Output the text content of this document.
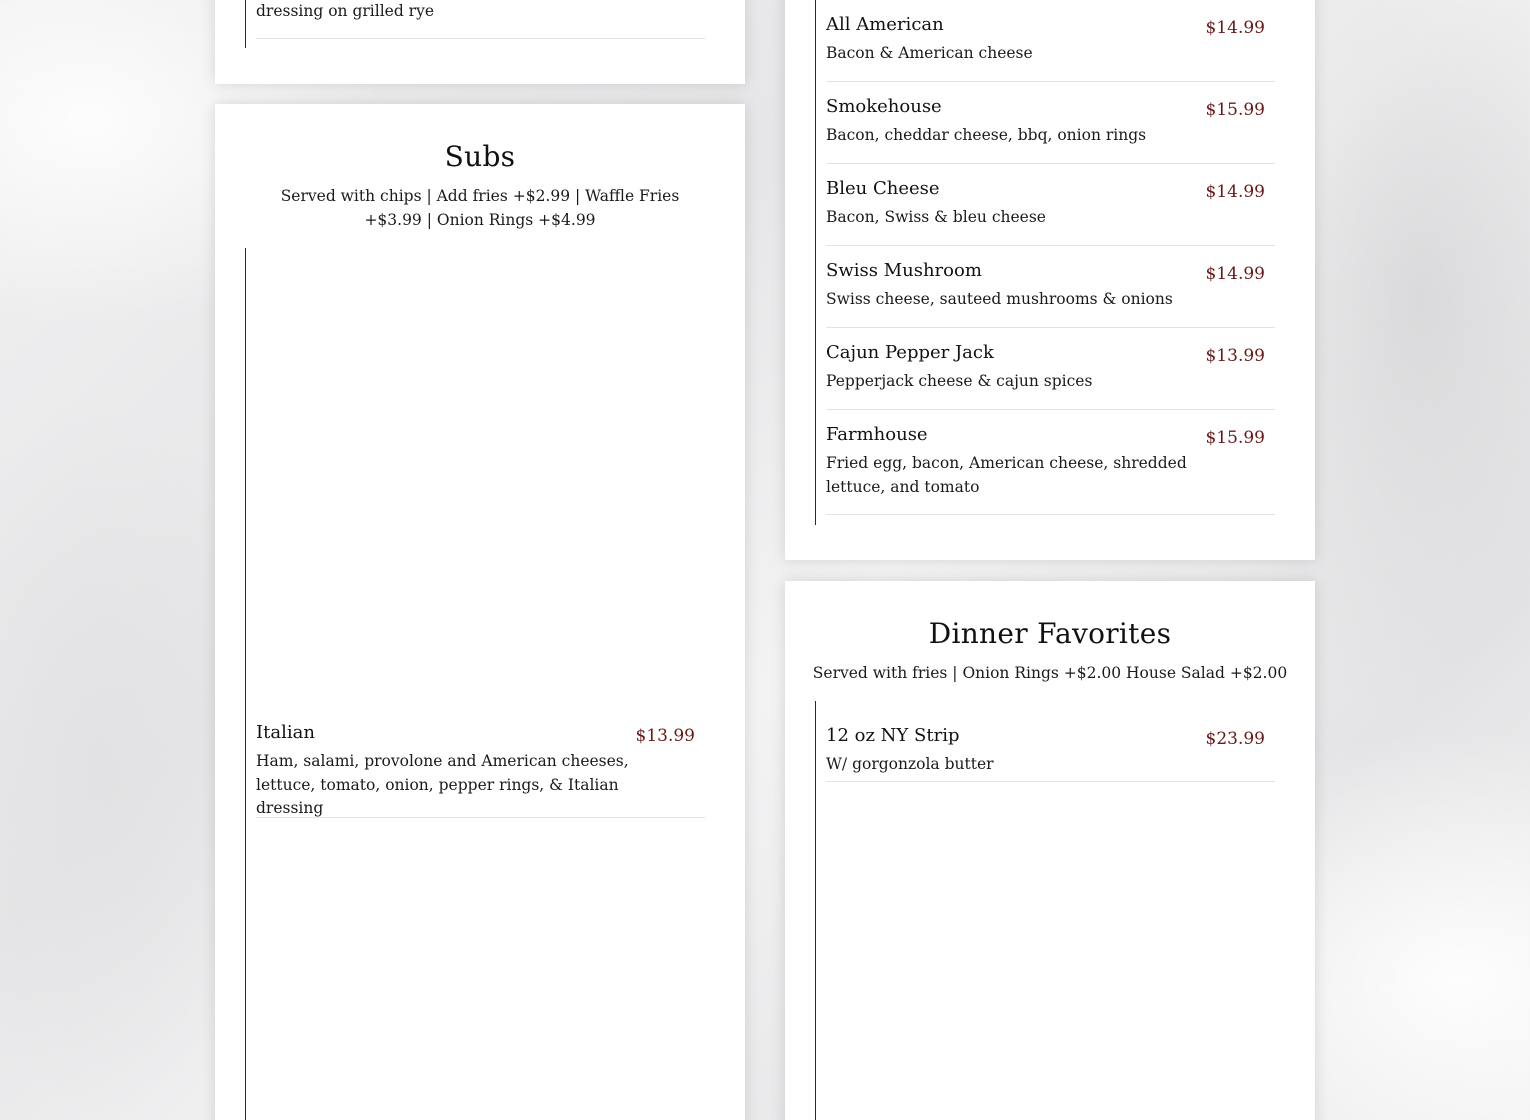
dressing on grilled rye
Subs
Served with chips | Add fries +$2.99 | Waffle Fries +$3.99 | Onion Rings +$4.99
Italian	$13.99
Ham, salami, provolone and American cheeses, lettuce, tomato, onion, pepper rings, & Italian dressing
All American	$14.99
Bacon & American cheese
Smokehouse	$15.99
Bacon, cheddar cheese, bbq, onion rings
Bleu Cheese	$14.99
Bacon, Swiss & bleu cheese
Swiss Mushroom	$14.99
Swiss cheese, sauteed mushrooms & onions
Cajun Pepper Jack	$13.99
Pepperjack cheese & cajun spices
Farmhouse	$15.99
Fried egg, bacon, American cheese, shredded lettuce, and tomato
Dinner Favorites
Served with fries | Onion Rings +$2.00 House Salad +$2.00
12 oz NY Strip	$23.99
W/ gorgonzola butter
